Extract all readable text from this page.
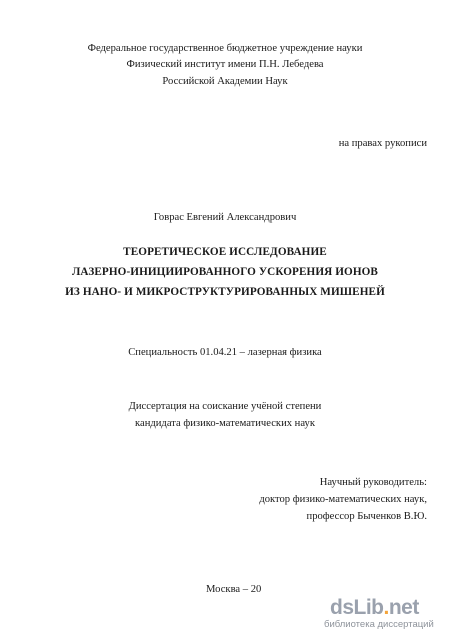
Федеральное государственное бюджетное учреждение науки
Физический институт имени П.Н. Лебедева
Российской Академии Наук
на правах рукописи
Говрас Евгений Александрович
ТЕОРЕТИЧЕСКОЕ ИССЛЕДОВАНИЕ
ЛАЗЕРНО-ИНИЦИИРОВАННОГО УСКОРЕНИЯ ИОНОВ
ИЗ НАНО- И МИКРОСТРУКТУРИРОВАННЫХ МИШЕНЕЙ
Специальность 01.04.21 – лазерная физика
Диссертация на соискание учёной степени
кандидата физико-математических наук
Научный руководитель:
доктор физико-математических наук,
профессор Быченков В.Ю.
Москва – 20
dsLib.net
библиотека диссертаций
